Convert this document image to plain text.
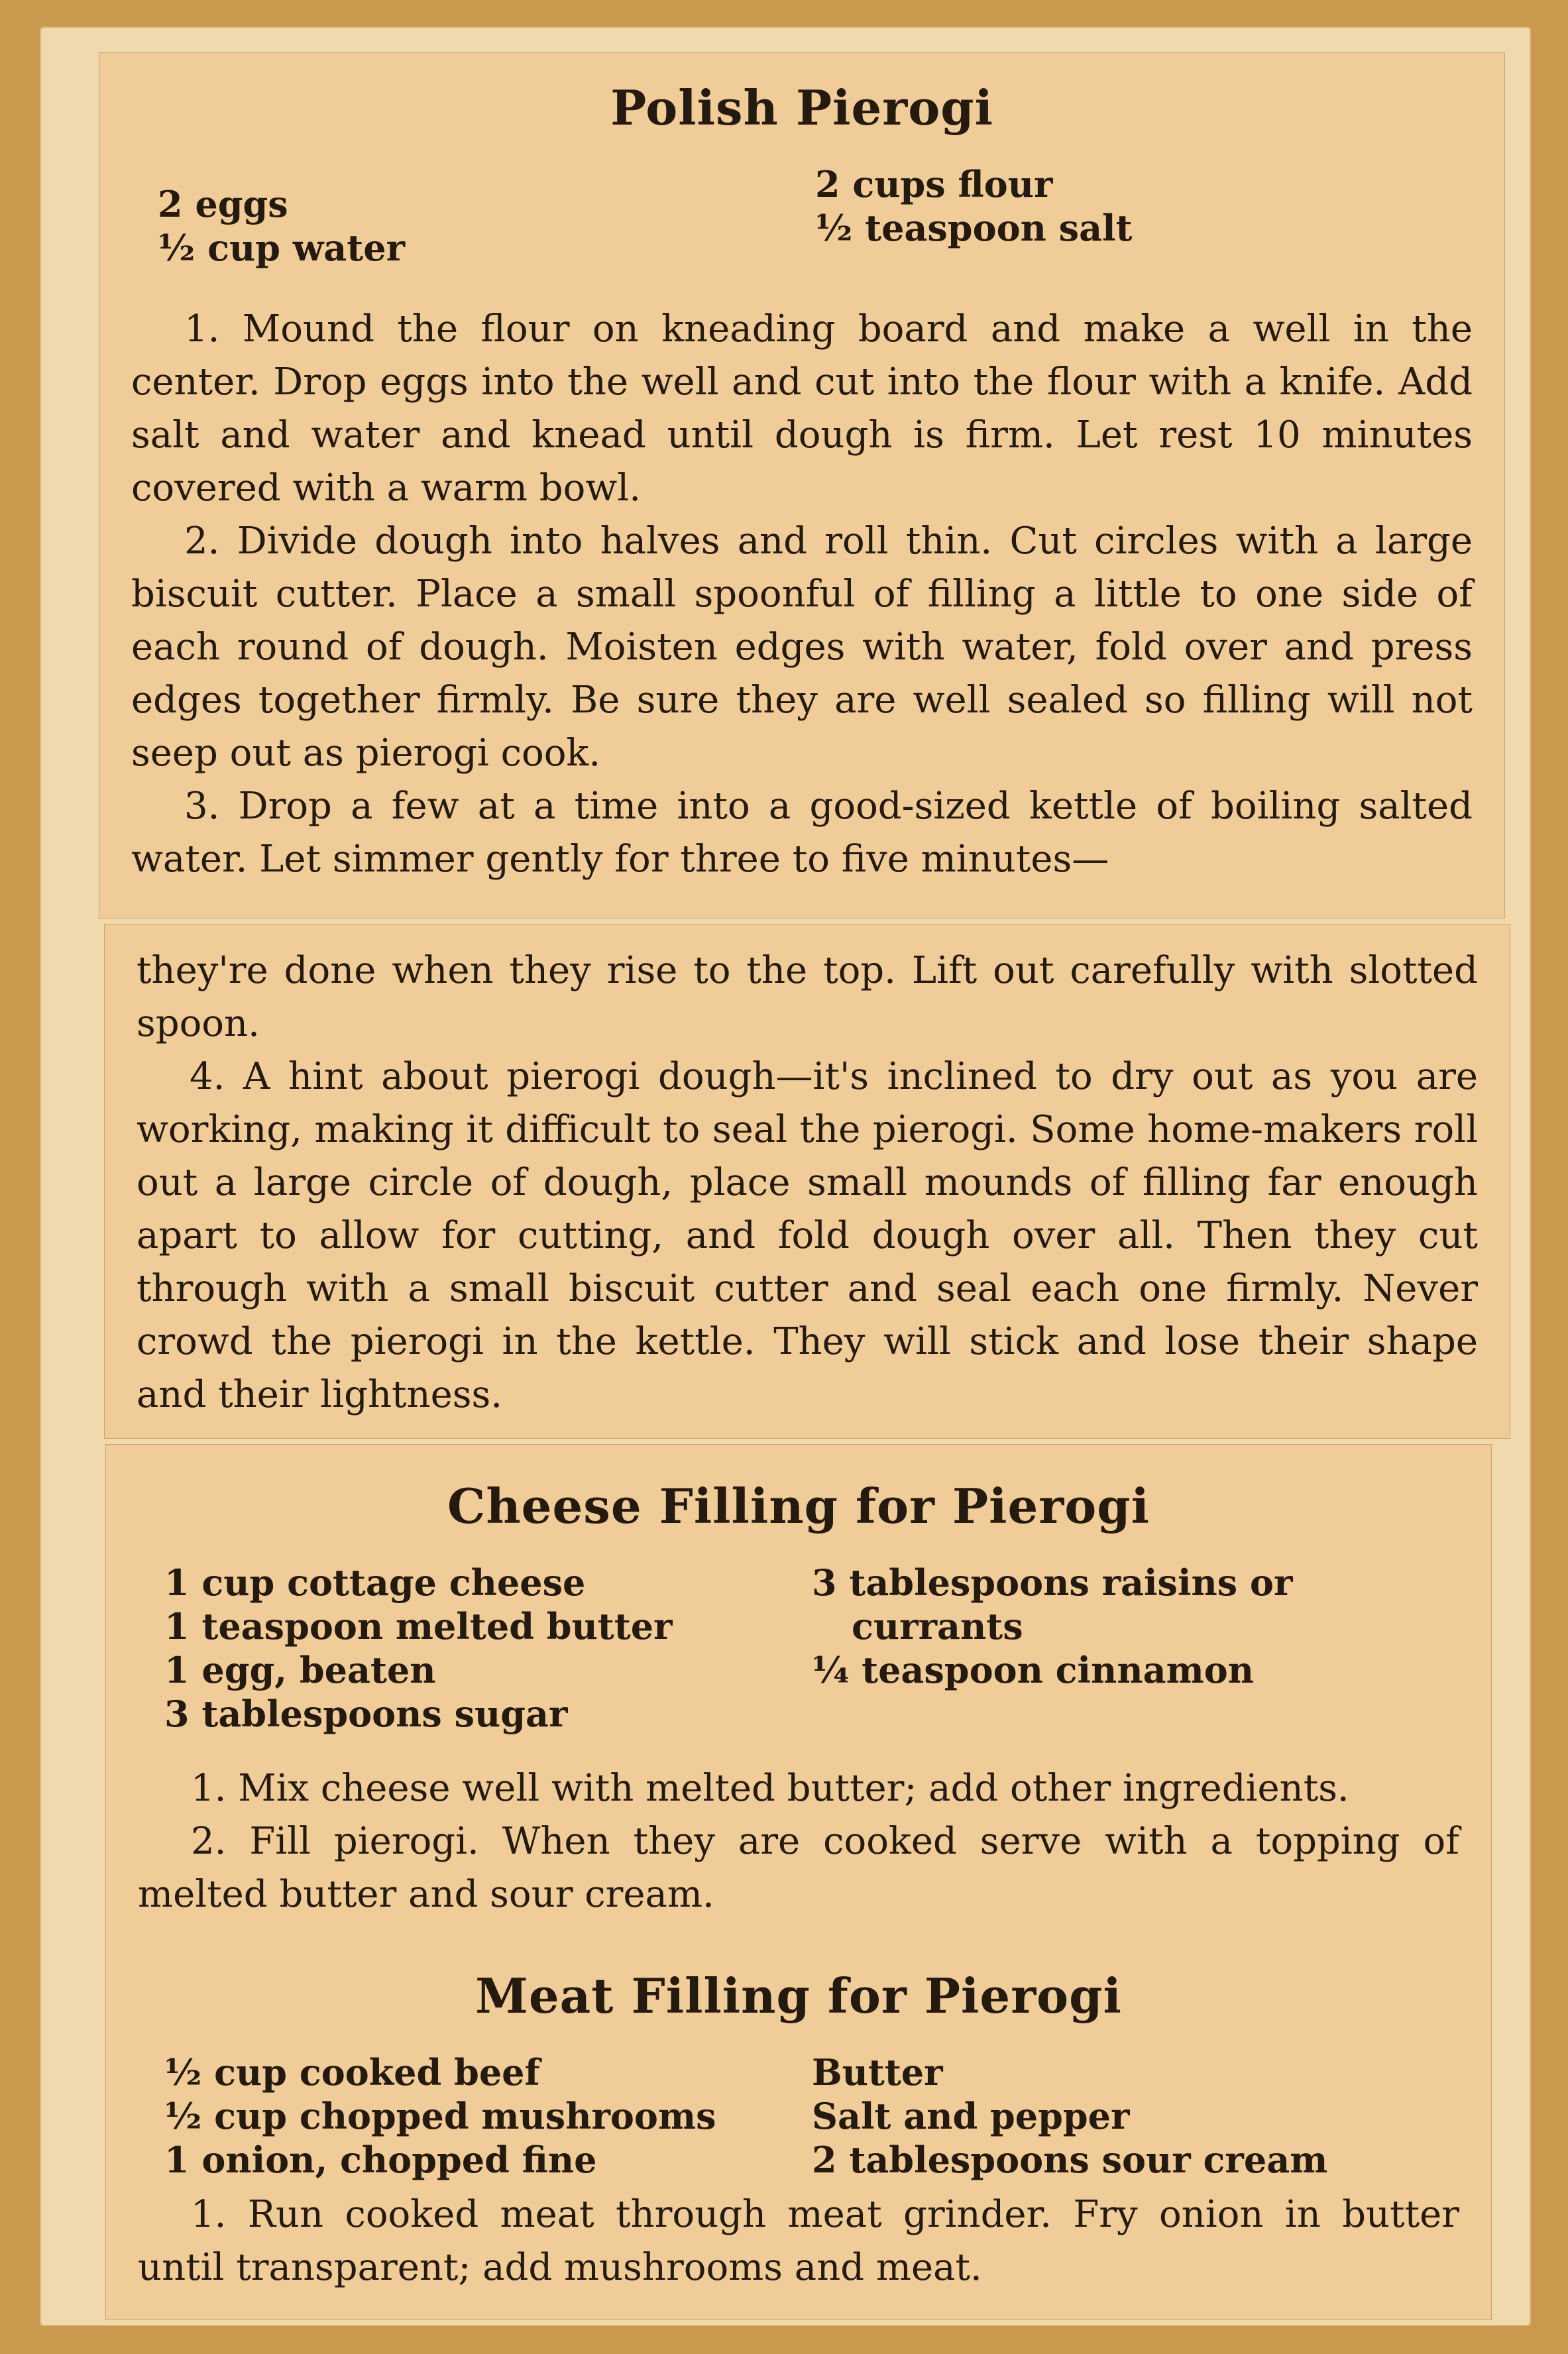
Polish Pierogi
2 eggs
½ cup water
2 cups flour
½ teaspoon salt

1. Mound the flour on kneading board and make a well in the center. Drop eggs into the well and cut into the flour with a knife. Add salt and water and knead until dough is firm. Let rest 10 minutes covered with a warm bowl.

2. Divide dough into halves and roll thin. Cut circles with a large biscuit cutter. Place a small spoonful of filling a little to one side of each round of dough. Moisten edges with water, fold over and press edges together firmly. Be sure they are well sealed so filling will not seep out as pierogi cook.

3. Drop a few at a time into a good-sized kettle of boiling salted water. Let simmer gently for three to five minutes—

they're done when they rise to the top. Lift out carefully with slotted spoon.

4. A hint about pierogi dough—it's inclined to dry out as you are working, making it difficult to seal the pierogi. Some home-makers roll out a large circle of dough, place small mounds of filling far enough apart to allow for cutting, and fold dough over all. Then they cut through with a small biscuit cutter and seal each one firmly. Never crowd the pierogi in the kettle. They will stick and lose their shape and their lightness.

Cheese Filling for Pierogi
1 cup cottage cheese
1 teaspoon melted butter
1 egg, beaten
3 tablespoons sugar
3 tablespoons raisins or
currants
¼ teaspoon cinnamon

1. Mix cheese well with melted butter; add other ingredients.

2. Fill pierogi. When they are cooked serve with a topping of melted butter and sour cream.

Meat Filling for Pierogi
½ cup cooked beef
½ cup chopped mushrooms
1 onion, chopped fine
Butter
Salt and pepper
2 tablespoons sour cream

1. Run cooked meat through meat grinder. Fry onion in butter until transparent; add mushrooms and meat.
